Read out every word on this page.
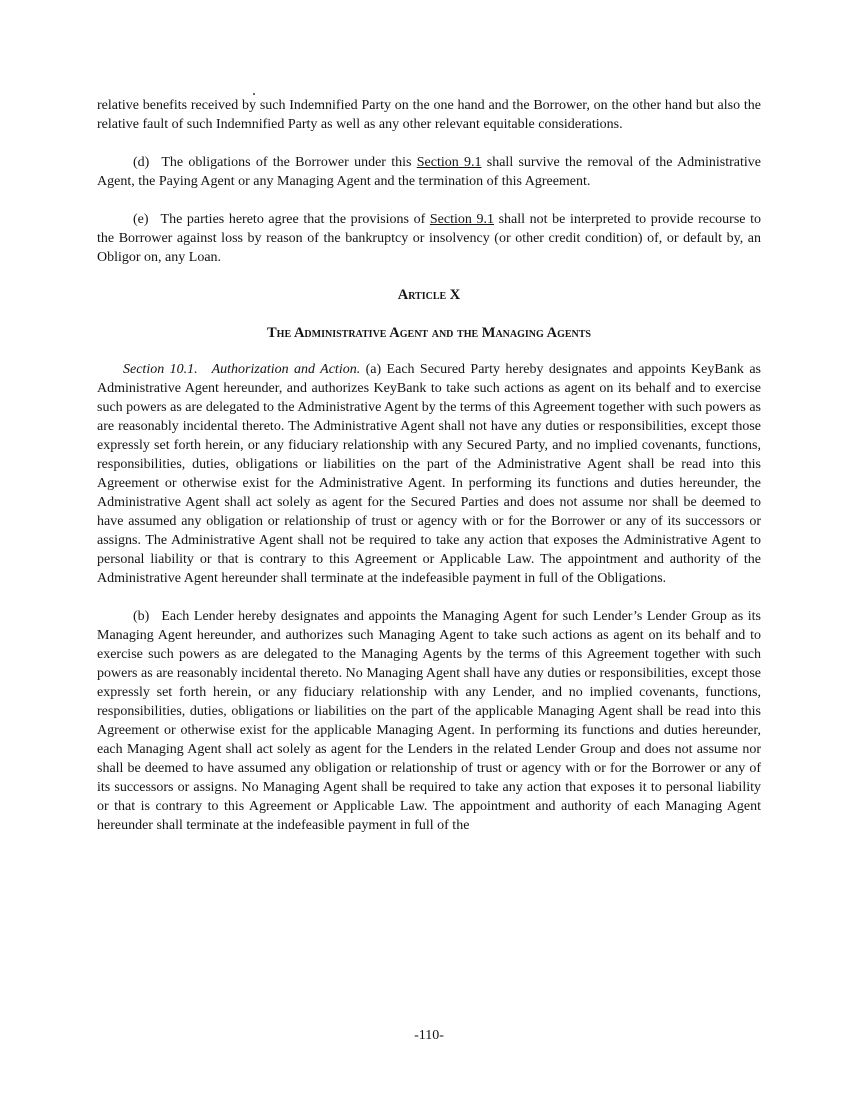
relative benefits received by such Indemnified Party on the one hand and the Borrower, on the other hand but also the relative fault of such Indemnified Party as well as any other relevant equitable considerations.

(d) The obligations of the Borrower under this Section 9.1 shall survive the removal of the Administrative Agent, the Paying Agent or any Managing Agent and the termination of this Agreement.

(e) The parties hereto agree that the provisions of Section 9.1 shall not be interpreted to provide recourse to the Borrower against loss by reason of the bankruptcy or insolvency (or other credit condition) of, or default by, an Obligor on, any Loan.

Article X
The Administrative Agent and the Managing Agents

Section 10.1. Authorization and Action. (a) Each Secured Party hereby designates and appoints KeyBank as Administrative Agent hereunder, and authorizes KeyBank to take such actions as agent on its behalf and to exercise such powers as are delegated to the Administrative Agent by the terms of this Agreement together with such powers as are reasonably incidental thereto. The Administrative Agent shall not have any duties or responsibilities, except those expressly set forth herein, or any fiduciary relationship with any Secured Party, and no implied covenants, functions, responsibilities, duties, obligations or liabilities on the part of the Administrative Agent shall be read into this Agreement or otherwise exist for the Administrative Agent. In performing its functions and duties hereunder, the Administrative Agent shall act solely as agent for the Secured Parties and does not assume nor shall be deemed to have assumed any obligation or relationship of trust or agency with or for the Borrower or any of its successors or assigns. The Administrative Agent shall not be required to take any action that exposes the Administrative Agent to personal liability or that is contrary to this Agreement or Applicable Law. The appointment and authority of the Administrative Agent hereunder shall terminate at the indefeasible payment in full of the Obligations.

(b) Each Lender hereby designates and appoints the Managing Agent for such Lender’s Lender Group as its Managing Agent hereunder, and authorizes such Managing Agent to take such actions as agent on its behalf and to exercise such powers as are delegated to the Managing Agents by the terms of this Agreement together with such powers as are reasonably incidental thereto. No Managing Agent shall have any duties or responsibilities, except those expressly set forth herein, or any fiduciary relationship with any Lender, and no implied covenants, functions, responsibilities, duties, obligations or liabilities on the part of the applicable Managing Agent shall be read into this Agreement or otherwise exist for the applicable Managing Agent. In performing its functions and duties hereunder, each Managing Agent shall act solely as agent for the Lenders in the related Lender Group and does not assume nor shall be deemed to have assumed any obligation or relationship of trust or agency with or for the Borrower or any of its successors or assigns. No Managing Agent shall be required to take any action that exposes it to personal liability or that is contrary to this Agreement or Applicable Law. The appointment and authority of each Managing Agent hereunder shall terminate at the indefeasible payment in full of the

-110-
